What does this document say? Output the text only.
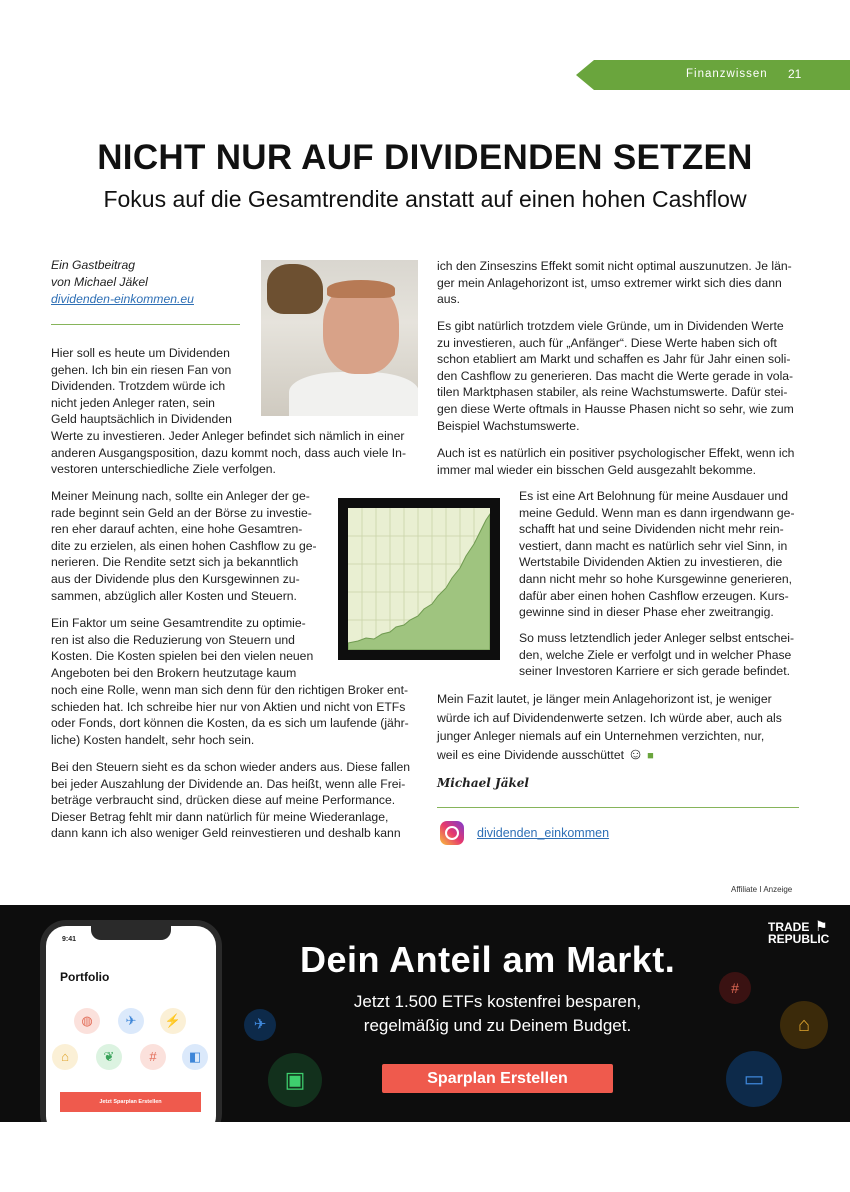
Finanzwissen 21
NICHT NUR AUF DIVIDENDEN SETZEN
Fokus auf die Gesamtrendite anstatt auf einen hohen Cashflow
Ein Gastbeitrag
von Michael Jäkel
dividenden-einkommen.eu
Hier soll es heute um Dividenden
gehen. Ich bin ein riesen Fan von
Dividenden. Trotzdem würde ich
nicht jeden Anleger raten, sein
Geld hauptsächlich in Dividenden
Werte zu investieren. Jeder Anleger befindet sich nämlich in einer
anderen Ausgangsposition, dazu kommt noch, dass auch viele In-
vestoren unterschiedliche Ziele verfolgen.
Meiner Meinung nach, sollte ein Anleger der ge-
rade beginnt sein Geld an der Börse zu investie-
ren eher darauf achten, eine hohe Gesamtren-
dite zu erzielen, als einen hohen Cashflow zu ge-
nerieren. Die Rendite setzt sich ja bekanntlich
aus der Dividende plus den Kursgewinnen zu-
sammen, abzüglich aller Kosten und Steuern.
Ein Faktor um seine Gesamtrendite zu optimie-
ren ist also die Reduzierung von Steuern und
Kosten. Die Kosten spielen bei den vielen neuen
Angeboten bei den Brokern heutzutage kaum
noch eine Rolle, wenn man sich denn für den richtigen Broker ent-
schieden hat. Ich schreibe hier nur von Aktien und nicht von ETFs
oder Fonds, dort können die Kosten, da es sich um laufende (jähr-
liche) Kosten handelt, sehr hoch sein.
Bei den Steuern sieht es da schon wieder anders aus. Diese fallen
bei jeder Auszahlung der Dividende an. Das heißt, wenn alle Frei-
beträge verbraucht sind, drücken diese auf meine Performance.
Dieser Betrag fehlt mir dann natürlich für meine Wiederanlage,
dann kann ich also weniger Geld reinvestieren und deshalb kann
ich den Zinseszins Effekt somit nicht optimal auszunutzen. Je län-
ger mein Anlagehorizont ist, umso extremer wirkt sich dies dann
aus.
Es gibt natürlich trotzdem viele Gründe, um in Dividenden Werte
zu investieren, auch für „Anfänger“. Diese Werte haben sich oft
schon etabliert am Markt und schaffen es Jahr für Jahr einen soli-
den Cashflow zu generieren. Das macht die Werte gerade in vola-
tilen Marktphasen stabiler, als reine Wachstumswerte. Dafür stei-
gen diese Werte oftmals in Hausse Phasen nicht so sehr, wie zum
Beispiel Wachstumswerte.
Auch ist es natürlich ein positiver psychologischer Effekt, wenn ich
immer mal wieder ein bisschen Geld ausgezahlt bekomme.
Es ist eine Art Belohnung für meine Ausdauer und
meine Geduld. Wenn man es dann irgendwann ge-
schafft hat und seine Dividenden nicht mehr rein-
vestiert, dann macht es natürlich sehr viel Sinn, in
Wertstabile Dividenden Aktien zu investieren, die
dann nicht mehr so hohe Kursgewinne generieren,
dafür aber einen hohen Cashflow erzeugen. Kurs-
gewinne sind in dieser Phase eher zweitrangig.
So muss letztendlich jeder Anleger selbst entschei-
den, welche Ziele er verfolgt und in welcher Phase
seiner Investoren Karriere er sich gerade befindet.
Mein Fazit lautet, je länger mein Anlagehorizont ist, je weniger
würde ich auf Dividendenwerte setzen. Ich würde aber, auch als
junger Anleger niemals auf ein Unternehmen verzichten, nur,
weil es eine Dividende ausschüttet ☺ ■
Michael Jäkel
dividenden_einkommen
Affiliate I Anzeige
9:41
Portfolio
◍	✈	⚡
⌂	❦	#	◧
Jetzt Sparplan Erstellen
✈
▣
#
⌂
▭
TRADE
REPUBLIC
⚑
Dein Anteil am Markt.
Jetzt 1.500 ETFs kostenfrei besparen,
regelmäßig und zu Deinem Budget.
Sparplan Erstellen
